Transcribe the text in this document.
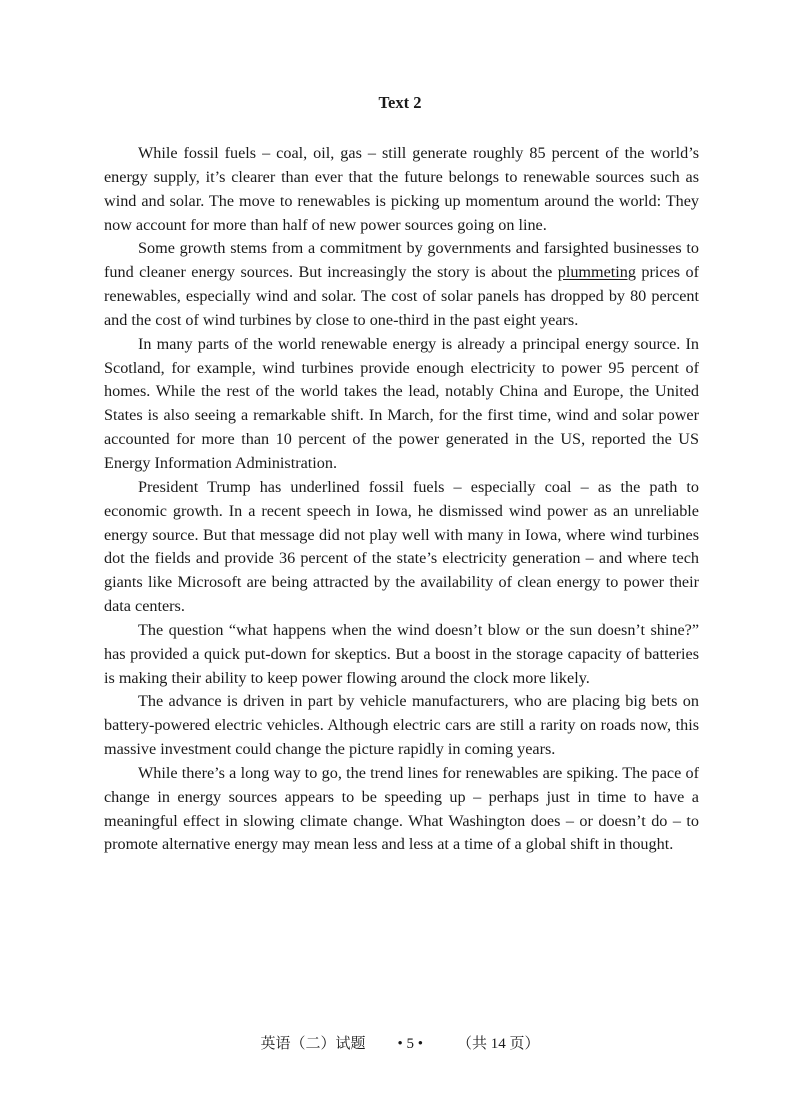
Text 2

While fossil fuels – coal, oil, gas – still generate roughly 85 percent of the world’s energy supply, it’s clearer than ever that the future belongs to renewable sources such as wind and solar. The move to renewables is picking up momentum around the world: They now account for more than half of new power sources going on line.

Some growth stems from a commitment by governments and farsighted businesses to fund cleaner energy sources. But increasingly the story is about the plummeting prices of renewables, especially wind and solar. The cost of solar panels has dropped by 80 percent and the cost of wind turbines by close to one-third in the past eight years.

In many parts of the world renewable energy is already a principal energy source. In Scotland, for example, wind turbines provide enough electricity to power 95 percent of homes. While the rest of the world takes the lead, notably China and Europe, the United States is also seeing a remarkable shift. In March, for the first time, wind and solar power accounted for more than 10 percent of the power generated in the US, reported the US Energy Information Administration.

President Trump has underlined fossil fuels – especially coal – as the path to economic growth. In a recent speech in Iowa, he dismissed wind power as an unreliable energy source. But that message did not play well with many in Iowa, where wind turbines dot the fields and provide 36 percent of the state’s electricity generation – and where tech giants like Microsoft are being attracted by the availability of clean energy to power their data centers.

The question “what happens when the wind doesn’t blow or the sun doesn’t shine?” has provided a quick put-down for skeptics. But a boost in the storage capacity of batteries is making their ability to keep power flowing around the clock more likely.

The advance is driven in part by vehicle manufacturers, who are placing big bets on battery-powered electric vehicles. Although electric cars are still a rarity on roads now, this massive investment could change the picture rapidly in coming years.

While there’s a long way to go, the trend lines for renewables are spiking. The pace of change in energy sources appears to be speeding up – perhaps just in time to have a meaningful effect in slowing climate change. What Washington does – or doesn’t do – to promote alternative energy may mean less and less at a time of a global shift in thought.

英语（二）试题 • 5 • （共 14 页）
